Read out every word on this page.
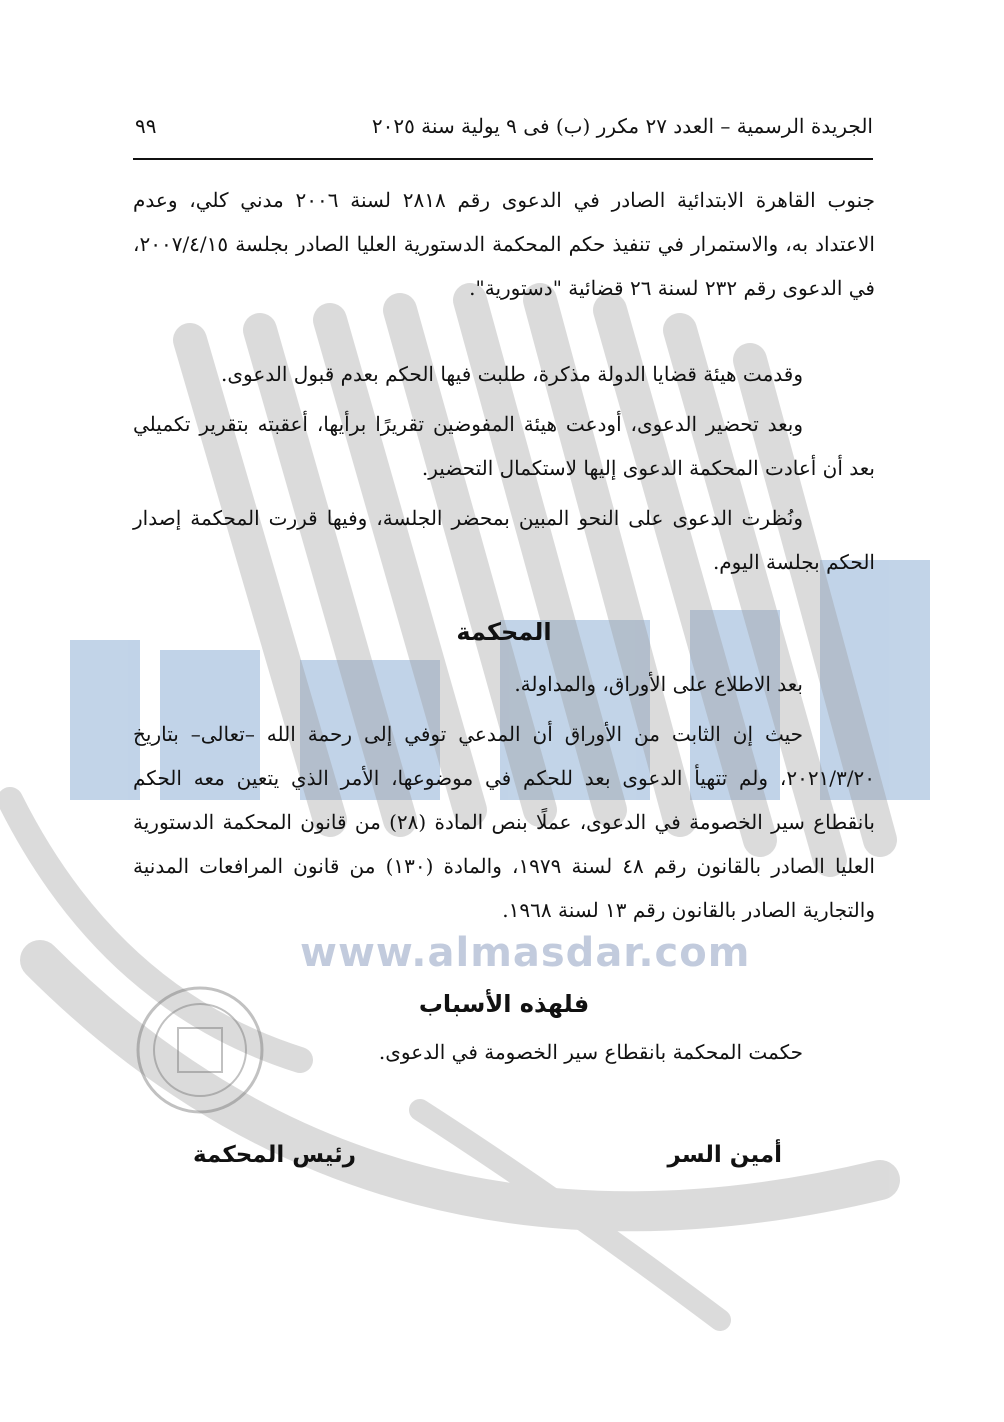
www.almasdar.com
٩٩	الجريدة الرسمية – العدد ٢٧ مكرر (ب) فى ٩ يولية سنة ٢٠٢٥
جنوب القاهرة الابتدائية الصادر في الدعوى رقم ٢٨١٨ لسنة ٢٠٠٦ مدني كلي، وعدم الاعتداد به، والاستمرار في تنفيذ حكم المحكمة الدستورية العليا الصادر بجلسة ٢٠٠٧/٤/١٥، في الدعوى رقم ٢٣٢ لسنة ٢٦ قضائية "دستورية".
وقدمت هيئة قضايا الدولة مذكرة، طلبت فيها الحكم بعدم قبول الدعوى.
وبعد تحضير الدعوى، أودعت هيئة المفوضين تقريرًا برأيها، أعقبته بتقرير تكميلي بعد أن أعادت المحكمة الدعوى إليها لاستكمال التحضير.
ونُظرت الدعوى على النحو المبين بمحضر الجلسة، وفيها قررت المحكمة إصدار الحكم بجلسة اليوم.
المحكمة
بعد الاطلاع على الأوراق، والمداولة.
حيث إن الثابت من الأوراق أن المدعي توفي إلى رحمة الله –تعالى– بتاريخ ٢٠٢١/٣/٢٠، ولم تتهيأ الدعوى بعد للحكم في موضوعها، الأمر الذي يتعين معه الحكم بانقطاع سير الخصومة في الدعوى، عملًا بنص المادة (٢٨) من قانون المحكمة الدستورية العليا الصادر بالقانون رقم ٤٨ لسنة ١٩٧٩، والمادة (١٣٠) من قانون المرافعات المدنية والتجارية الصادر بالقانون رقم ١٣ لسنة ١٩٦٨.
فلهذه الأسباب
حكمت المحكمة بانقطاع سير الخصومة في الدعوى.
أمين السر
رئيس المحكمة
